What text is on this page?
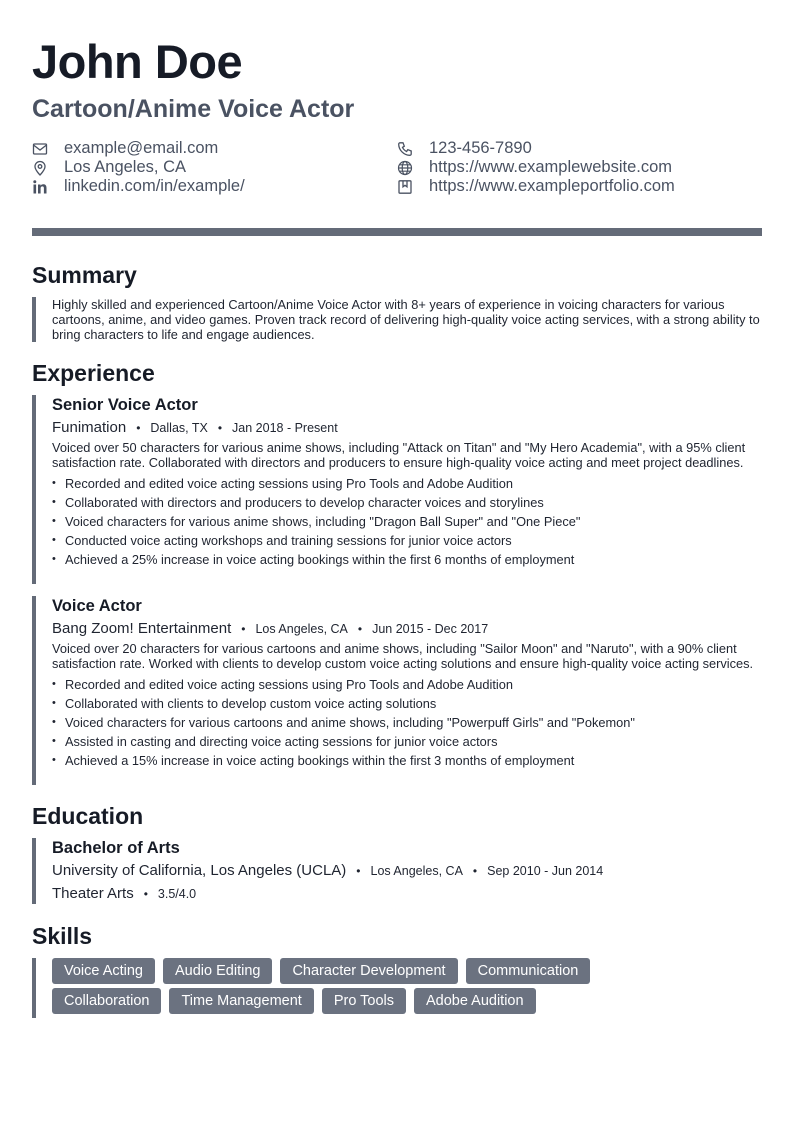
John Doe
Cartoon/Anime Voice Actor
example@email.com
Los Angeles, CA
linkedin.com/in/example/
123-456-7890
https://www.examplewebsite.com
https://www.exampleportfolio.com
Summary
Highly skilled and experienced Cartoon/Anime Voice Actor with 8+ years of experience in voicing characters for various cartoons, anime, and video games. Proven track record of delivering high-quality voice acting services, with a strong ability to bring characters to life and engage audiences.
Experience
Senior Voice Actor
Funimation • Dallas, TX • Jan 2018 - Present
Voiced over 50 characters for various anime shows, including "Attack on Titan" and "My Hero Academia", with a 95% client satisfaction rate. Collaborated with directors and producers to ensure high-quality voice acting and meet project deadlines.
• Recorded and edited voice acting sessions using Pro Tools and Adobe Audition
• Collaborated with directors and producers to develop character voices and storylines
• Voiced characters for various anime shows, including "Dragon Ball Super" and "One Piece"
• Conducted voice acting workshops and training sessions for junior voice actors
• Achieved a 25% increase in voice acting bookings within the first 6 months of employment
Voice Actor
Bang Zoom! Entertainment • Los Angeles, CA • Jun 2015 - Dec 2017
Voiced over 20 characters for various cartoons and anime shows, including "Sailor Moon" and "Naruto", with a 90% client satisfaction rate. Worked with clients to develop custom voice acting solutions and ensure high-quality voice acting services.
• Recorded and edited voice acting sessions using Pro Tools and Adobe Audition
• Collaborated with clients to develop custom voice acting solutions
• Voiced characters for various cartoons and anime shows, including "Powerpuff Girls" and "Pokemon"
• Assisted in casting and directing voice acting sessions for junior voice actors
• Achieved a 15% increase in voice acting bookings within the first 3 months of employment
Education
Bachelor of Arts
University of California, Los Angeles (UCLA) • Los Angeles, CA • Sep 2010 - Jun 2014
Theater Arts • 3.5/4.0
Skills
Voice Acting	Audio Editing	Character Development	Communication
Collaboration	Time Management	Pro Tools	Adobe Audition
